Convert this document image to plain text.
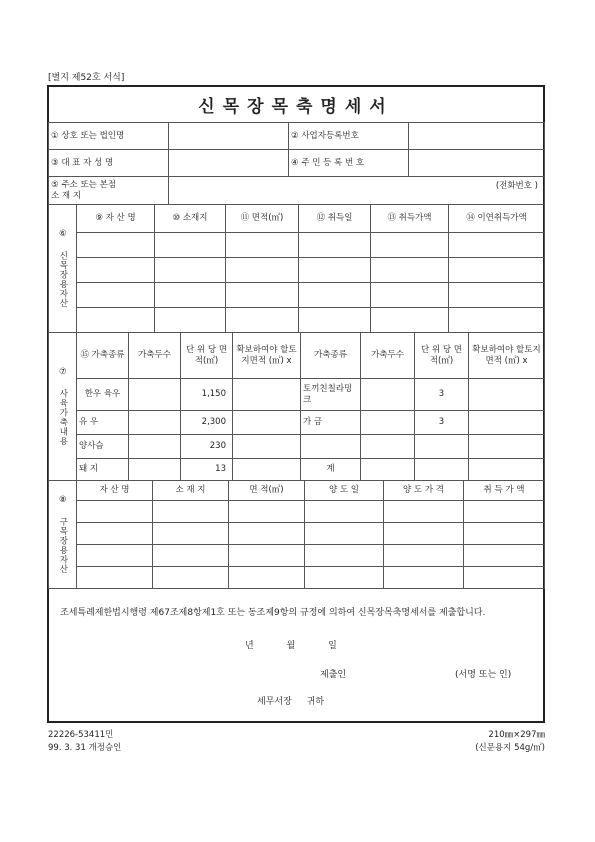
[별지 제52호 서식]
신목장목축명세서
① 상호 또는 법인명		② 사업자등록번호	
③ 대 표 자 성 명		④ 주 민 등 록 번 호	

⑤ 주소 또는 본점
소 재 지	(전화번호 )		
⑥ 신목장용자산	⑨ 자 산 명	⑩ 소재지	⑪ 면적(㎡)	⑫ 취득일	⑬ 취득가액	⑭ 이연취득가액

⑦ 사육가축내용	⑮ 가축종류	가축두수	단 위 당 면적(㎡)	확보하여야 할토지면적 (㎡) x	가축종류	가축두수	단 위 당 면적(㎡)	확보하여야 할토지면적 (㎡) x
	한우 육우		1,150		토끼친칠라밍크		3	
	유 우		2,300		가 금		3	
	양사슴		230					
	돼 지		13		계			
⑧ 구목장용자산	자 산 명	소 재 지	면 적(㎡)	양 도 일	양 도 가 격	취 득 가 액

조세특례제한법시행령 제67조제8항제1호 또는 동조제9항의 규정에 의하여 신목장목축명세서를 제출합니다.
년 월 일
제출인	(서명 또는 인)
세무서장 귀하
22226-53411민
99. 3. 31 개정승인
210㎜×297㎜
(신문용지 54g/㎡)
